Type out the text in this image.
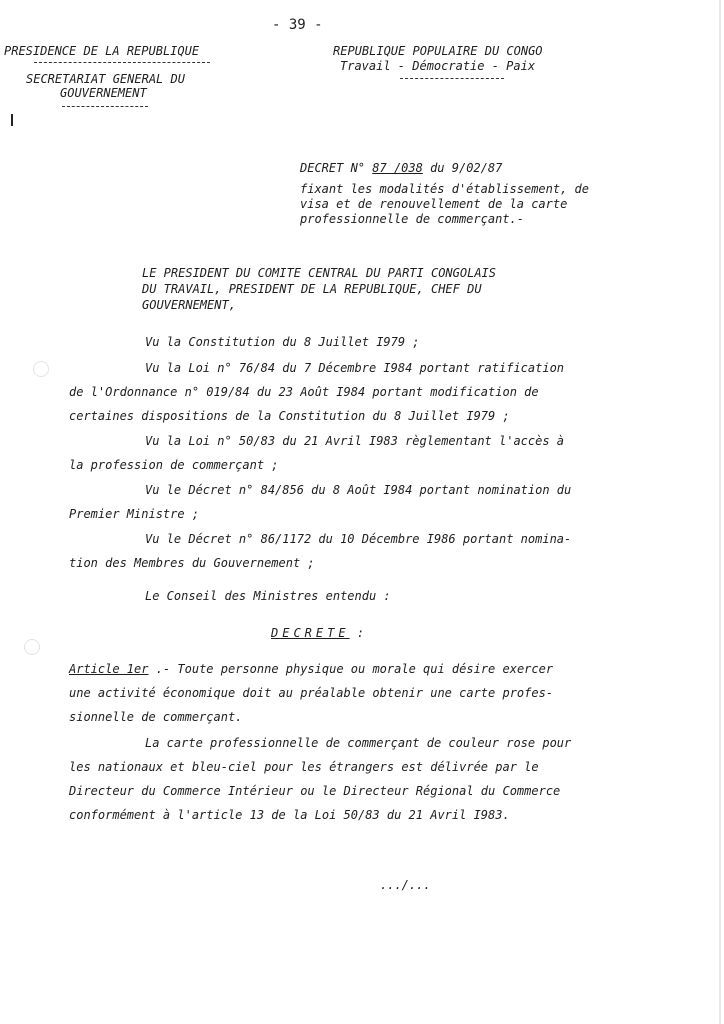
- 39 -

PRESIDENCE DE LA REPUBLIQUE

SECRETARIAT GENERAL DU

GOUVERNEMENT

REPUBLIQUE POPULAIRE DU CONGO

Travail - Démocratie - Paix

DECRET N° 87 /038 du 9/02/87

fixant les modalités d'établissement, de

visa et de renouvellement de la carte

professionnelle de commerçant.-

LE PRESIDENT DU COMITE CENTRAL DU PARTI CONGOLAIS

DU TRAVAIL, PRESIDENT DE LA REPUBLIQUE, CHEF DU

GOUVERNEMENT,

Vu la Constitution du 8 Juillet I979 ;

Vu la Loi n° 76/84 du 7 Décembre I984 portant ratification

de l'Ordonnance n° 019/84 du 23 Août I984 portant modification de

certaines dispositions de la Constitution du 8 Juillet I979 ;

Vu la Loi n° 50/83 du 21 Avril I983 règlementant l'accès à

la profession de commerçant ;

Vu le Décret n° 84/856 du 8 Août I984 portant nomination du

Premier Ministre ;

Vu le Décret n° 86/1172 du 10 Décembre I986 portant nomina-

tion des Membres du Gouvernement ;

Le Conseil des Ministres entendu :

DECRETE :

Article 1er .- Toute personne physique ou morale qui désire exercer

une activité économique doit au préalable obtenir une carte profes-

sionnelle de commerçant.

La carte professionnelle de commerçant de couleur rose pour

les nationaux et bleu-ciel pour les étrangers est délivrée par le

Directeur du Commerce Intérieur ou le Directeur Régional du Commerce

conformément à l'article 13 de la Loi 50/83 du 21 Avril I983.

.../...
